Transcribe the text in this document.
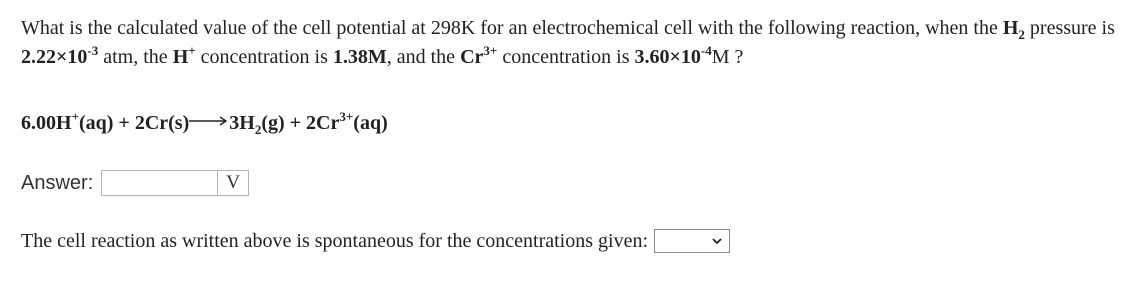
What is the calculated value of the cell potential at 298K for an electrochemical cell with the following reaction, when the $H_2$ pressure is $2.22\times 10^{-3}$ atm, the H+ concentration is 1.38M, and the $Cr^{3+}$ concentration is $3.60\times 10^{-4}M$ ?
$6.00H^+(aq) + 2Cr(s)\to 3H_2(g) + 2Cr^{3+}(aq)$
Answer:	V
The cell reaction as written above is spontaneous for the concentrations given:
